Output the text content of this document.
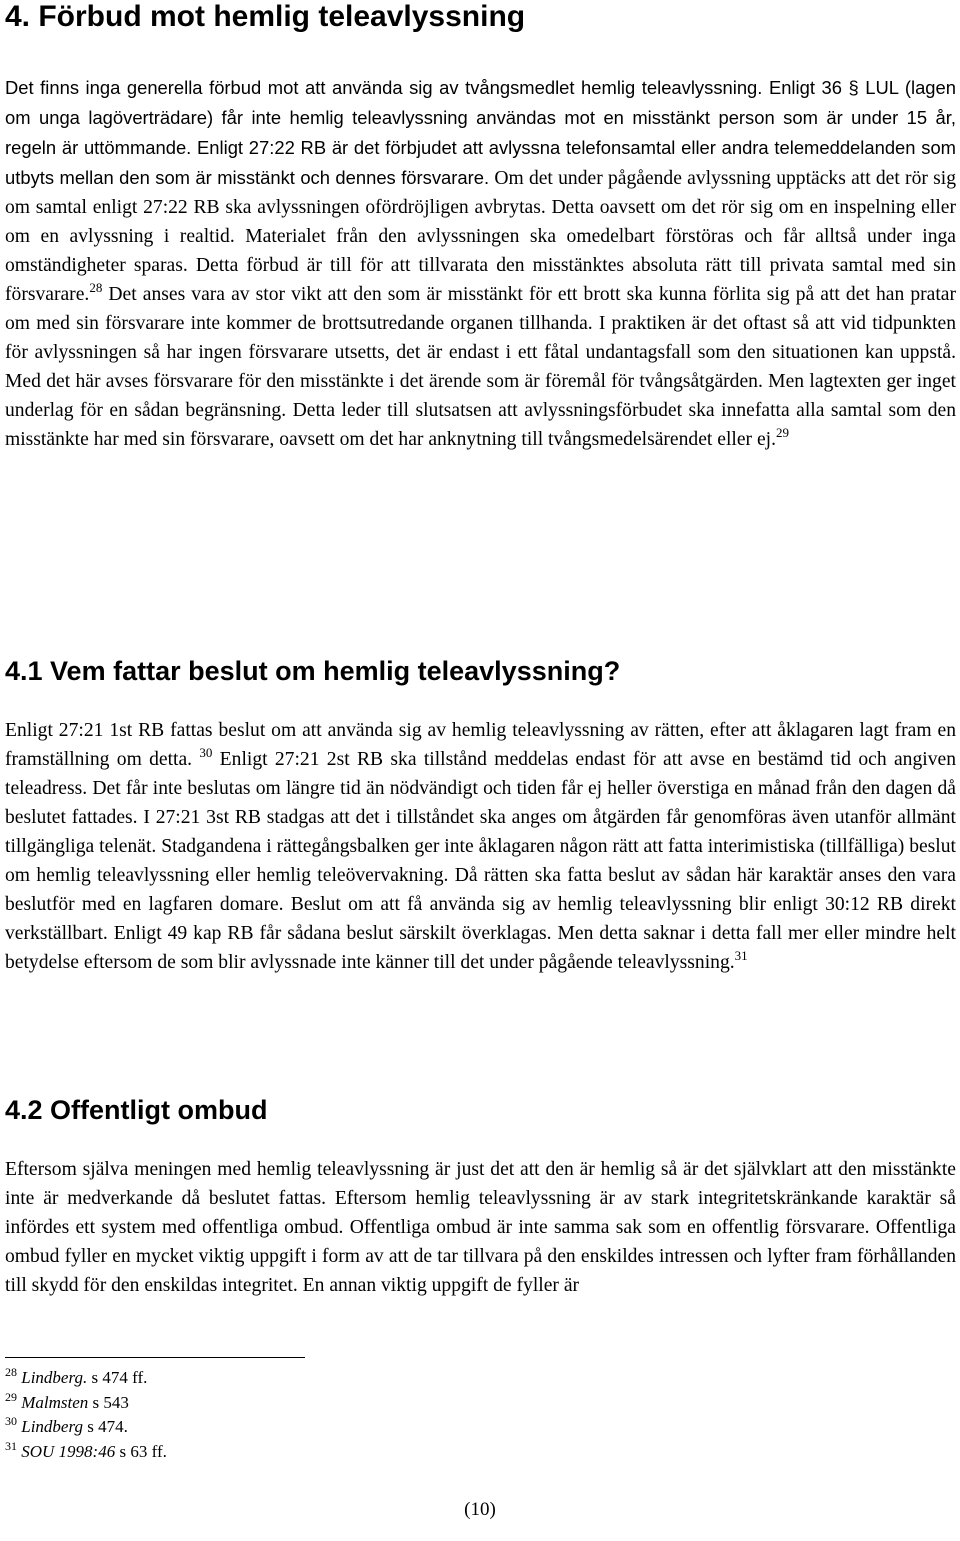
4. Förbud mot hemlig teleavlyssning

Det finns inga generella förbud mot att använda sig av tvångsmedlet hemlig teleavlyssning. Enligt 36 § LUL (lagen om unga lagöverträdare) får inte hemlig teleavlyssning användas mot en misstänkt person som är under 15 år, regeln är uttömmande. Enligt 27:22 RB är det förbjudet att avlyssna telefonsamtal eller andra telemeddelanden som utbyts mellan den som är misstänkt och dennes försvarare. Om det under pågående avlyssning upptäcks att det rör sig om samtal enligt 27:22 RB ska avlyssningen ofördröjligen avbrytas. Detta oavsett om det rör sig om en inspelning eller om en avlyssning i realtid. Materialet från den avlyssningen ska omedelbart förstöras och får alltså under inga omständigheter sparas. Detta förbud är till för att tillvarata den misstänktes absoluta rätt till privata samtal med sin försvarare.$^{28}$ Det anses vara av stor vikt att den som är misstänkt för ett brott ska kunna förlita sig på att det han pratar om med sin försvarare inte kommer de brottsutredande organen tillhanda. I praktiken är det oftast så att vid tidpunkten för avlyssningen så har ingen försvarare utsetts, det är endast i ett fåtal undantagsfall som den situationen kan uppstå. Med det här avses försvarare för den misstänkte i det ärende som är föremål för tvångsåtgärden. Men lagtexten ger inget underlag för en sådan begränsning. Detta leder till slutsatsen att avlyssningsförbudet ska innefatta alla samtal som den misstänkte har med sin försvarare, oavsett om det har anknytning till tvångsmedelsärendet eller ej.$^{29}$

4.1 Vem fattar beslut om hemlig teleavlyssning?

Enligt 27:21 1st RB fattas beslut om att använda sig av hemlig teleavlyssning av rätten, efter att åklagaren lagt fram en framställning om detta. $^{30}$ Enligt 27:21 2st RB ska tillstånd meddelas endast för att avse en bestämd tid och angiven teleadress. Det får inte beslutas om längre tid än nödvändigt och tiden får ej heller överstiga en månad från den dagen då beslutet fattades. I 27:21 3st RB stadgas att det i tillståndet ska anges om åtgärden får genomföras även utanför allmänt tillgängliga telenät. Stadgandena i rättegångsbalken ger inte åklagaren någon rätt att fatta interimistiska (tillfälliga) beslut om hemlig teleavlyssning eller hemlig teleövervakning. Då rätten ska fatta beslut av sådan här karaktär anses den vara beslutför med en lagfaren domare. Beslut om att få använda sig av hemlig teleavlyssning blir enligt 30:12 RB direkt verkställbart. Enligt 49 kap RB får sådana beslut särskilt överklagas. Men detta saknar i detta fall mer eller mindre helt betydelse eftersom de som blir avlyssnade inte känner till det under pågående teleavlyssning.$^{31}$

4.2 Offentligt ombud

Eftersom själva meningen med hemlig teleavlyssning är just det att den är hemlig så är det självklart att den misstänkte inte är medverkande då beslutet fattas. Eftersom hemlig teleavlyssning är av stark integritetskränkande karaktär så infördes ett system med offentliga ombud. Offentliga ombud är inte samma sak som en offentlig försvarare. Offentliga ombud fyller en mycket viktig uppgift i form av att de tar tillvara på den enskildes intressen och lyfter fram förhållanden till skydd för den enskildas integritet. En annan viktig uppgift de fyller är

$^{28}$ Lindberg. s 474 ff.
$^{29}$ Malmsten s 543
$^{30}$ Lindberg s 474.
$^{31}$ SOU 1998:46 s 63 ff.
(10)
